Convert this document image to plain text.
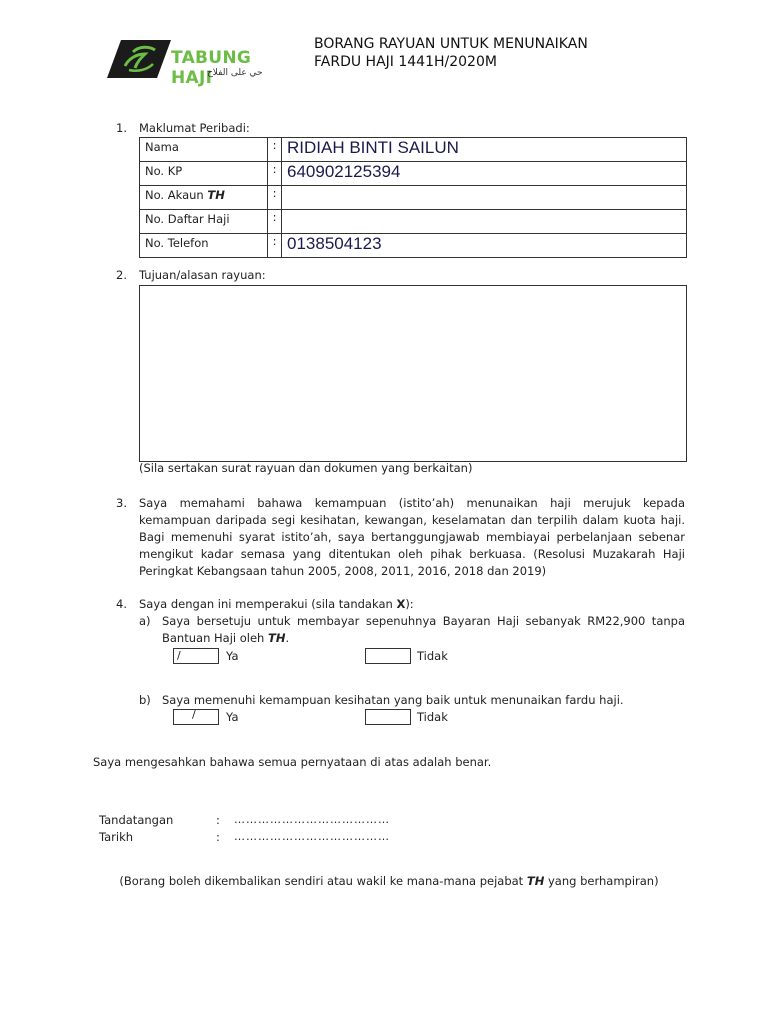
TABUNG HAJI
حي على الفلاح
BORANG RAYUAN UNTUK MENUNAIKAN
FARDU HAJI 1441H/2020M
1. Maklumat Peribadi:
Nama	:	RIDIAH BINTI SAILUN
No. KP	:	640902125394
No. Akaun TH	:	
No. Daftar Haji	:	
No. Telefon	:	0138504123
2. Tujuan/alasan rayuan:
(Sila sertakan surat rayuan dan dokumen yang berkaitan)
3. Saya memahami bahawa kemampuan (istito’ah) menunaikan haji merujuk kepada kemampuan daripada segi kesihatan, kewangan, keselamatan dan terpilih dalam kuota haji. Bagi memenuhi syarat istito’ah, saya bertanggungjawab membiayai perbelanjaan sebenar mengikut kadar semasa yang ditentukan oleh pihak berkuasa. (Resolusi Muzakarah Haji Peringkat Kebangsaan tahun 2005, 2008, 2011, 2016, 2018 dan 2019)
4. Saya dengan ini memperakui (sila tandakan X):
a) Saya bersetuju untuk membayar sepenuhnya Bayaran Haji sebanyak RM22,900 tanpa Bantuan Haji oleh TH.
/	Ya	Tidak
b) Saya memenuhi kemampuan kesihatan yang baik untuk menunaikan fardu haji.
/	Ya	Tidak
Saya mengesahkan bahawa semua pernyataan di atas adalah benar.
Tandatangan	: …………………………………
Tarikh	: …………………………………
(Borang boleh dikembalikan sendiri atau wakil ke mana-mana pejabat TH yang berhampiran)
